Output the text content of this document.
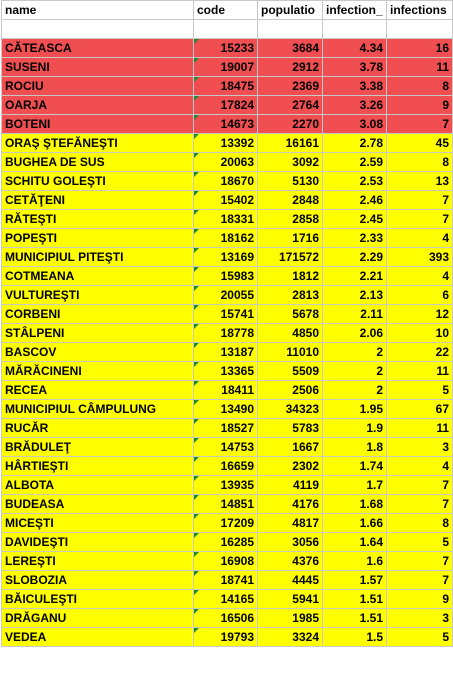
name	code	populatio	infection_	infections

CĂTEASCA	15233	3684	4.34	16
SUSENI	19007	2912	3.78	11
ROCIU	18475	2369	3.38	8
OARJA	17824	2764	3.26	9
BOTENI	14673	2270	3.08	7
ORAŞ ŞTEFĂNEŞTI	13392	16161	2.78	45
BUGHEA DE SUS	20063	3092	2.59	8
SCHITU GOLEŞTI	18670	5130	2.53	13
CETĂŢENI	15402	2848	2.46	7
RĂTEŞTI	18331	2858	2.45	7
POPEŞTI	18162	1716	2.33	4
MUNICIPIUL PITEŞTI	13169	171572	2.29	393
COTMEANA	15983	1812	2.21	4
VULTUREŞTI	20055	2813	2.13	6
CORBENI	15741	5678	2.11	12
STÂLPENI	18778	4850	2.06	10
BASCOV	13187	11010	2	22
MĂRĂCINENI	13365	5509	2	11
RECEA	18411	2506	2	5
MUNICIPIUL CÂMPULUNG	13490	34323	1.95	67
RUCĂR	18527	5783	1.9	11
BRĂDULEŢ	14753	1667	1.8	3
HÂRTIEŞTI	16659	2302	1.74	4
ALBOTA	13935	4119	1.7	7
BUDEASA	14851	4176	1.68	7
MICEŞTI	17209	4817	1.66	8
DAVIDEŞTI	16285	3056	1.64	5
LEREŞTI	16908	4376	1.6	7
SLOBOZIA	18741	4445	1.57	7
BĂICULEŞTI	14165	5941	1.51	9
DRĂGANU	16506	1985	1.51	3
VEDEA	19793	3324	1.5	5
